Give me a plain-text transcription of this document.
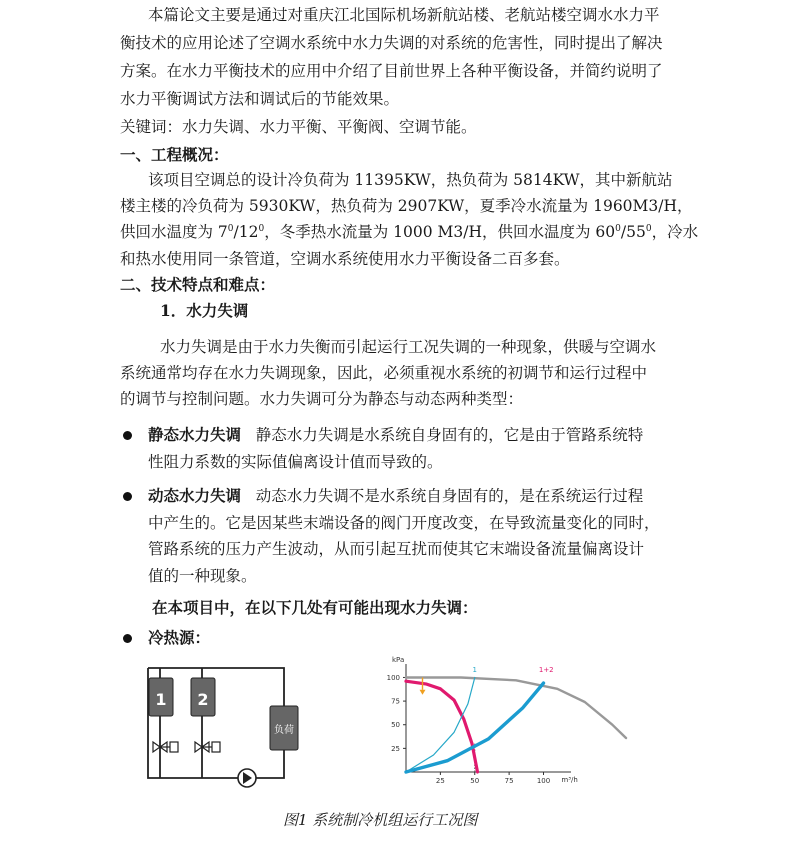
本篇论文主要是通过对重庆江北国际机场新航站楼、老航站楼空调水水力平
衡技术的应用论述了空调水系统中水力失调的对系统的危害性，同时提出了解决
方案。在水力平衡技术的应用中介绍了目前世界上各种平衡设备，并简约说明了
水力平衡调试方法和调试后的节能效果。
关键词：水力失调、水力平衡、平衡阀、空调节能。
一、工程概况：
该项目空调总的设计冷负荷为 11395KW，热负荷为 5814KW，其中新航站
楼主楼的冷负荷为 5930KW，热负荷为 2907KW，夏季冷水流量为 1960M3/H，
供回水温度为 $7^0/12^0$，冬季热水流量为 1000 M3/H，供回水温度为 $60^0/55^0$，冷水
和热水使用同一条管道，空调水系统使用水力平衡设备二百多套。
二、技术特点和难点：
1．水力失调
水力失调是由于水力失衡而引起运行工况失调的一种现象，供暖与空调水
系统通常均存在水力失调现象，因此，必须重视水系统的初调节和运行过程中
的调节与控制问题。水力失调可分为静态与动态两种类型：
静态水力失调 静态水力失调是水系统自身固有的，它是由于管路系统特
性阻力系数的实际值偏离设计值而导致的。
动态水力失调 动态水力失调不是水系统自身固有的，是在系统运行过程
中产生的。它是因某些末端设备的阀门开度改变，在导致流量变化的同时，
管路系统的压力产生波动，从而引起互扰而使其它末端设备流量偏离设计
值的一种现象。
在本项目中，在以下几处有可能出现水力失调：
冷热源：
1 2
负荷
kPa
m³/h
25
50
75
100
25	50	75	100
1	1+2
图1 系统制冷机组运行工况图
